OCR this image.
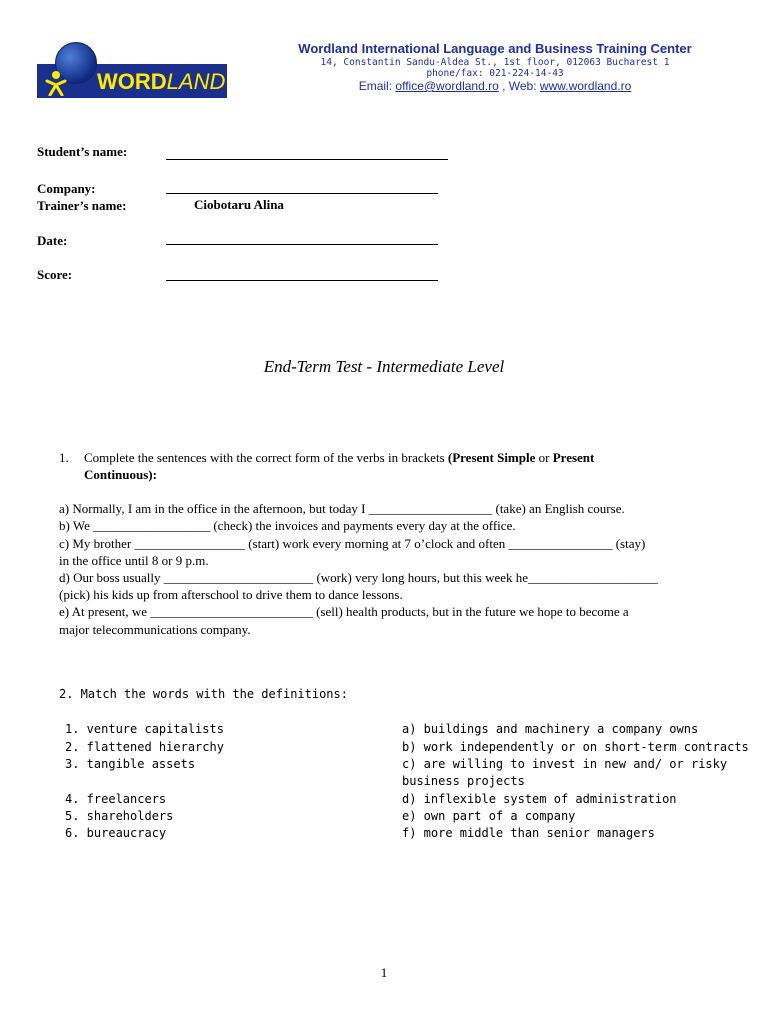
WORDLAND
Wordland International Language and Business Training Center
14, Constantin Sandu-Aldea St., 1st floor, 012063 Bucharest 1
phone/fax: 021-224-14-43
Email: office@wordland.ro , Web: www.wordland.ro
Student’s name:
Company:
Trainer’s name:	Ciobotaru Alina
Date:
Score:
End-Term Test - Intermediate Level
1. Complete the sentences with the correct form of the verbs in brackets (Present Simple or Present
Continuous):
a) Normally, I am in the office in the afternoon, but today I ___________________ (take) an English course.
b) We __________________ (check) the invoices and payments every day at the office.
c) My brother _________________ (start) work every morning at 7 o’clock and often ________________ (stay)
in the office until 8 or 9 p.m.
d) Our boss usually _______________________ (work) very long hours, but this week he____________________
(pick) his kids up from afterschool to drive them to dance lessons.
e) At present, we _________________________ (sell) health products, but in the future we hope to become a
major telecommunications company.
2. Match the words with the definitions:
1. venture capitalists
2. flattened hierarchy
3. tangible assets
4. freelancers
5. shareholders
6. bureaucracy
a) buildings and machinery a company owns
b) work independently or on short-term contracts
c) are willing to invest in new and/ or risky
business projects
d) inflexible system of administration
e) own part of a company
f) more middle than senior managers
1
